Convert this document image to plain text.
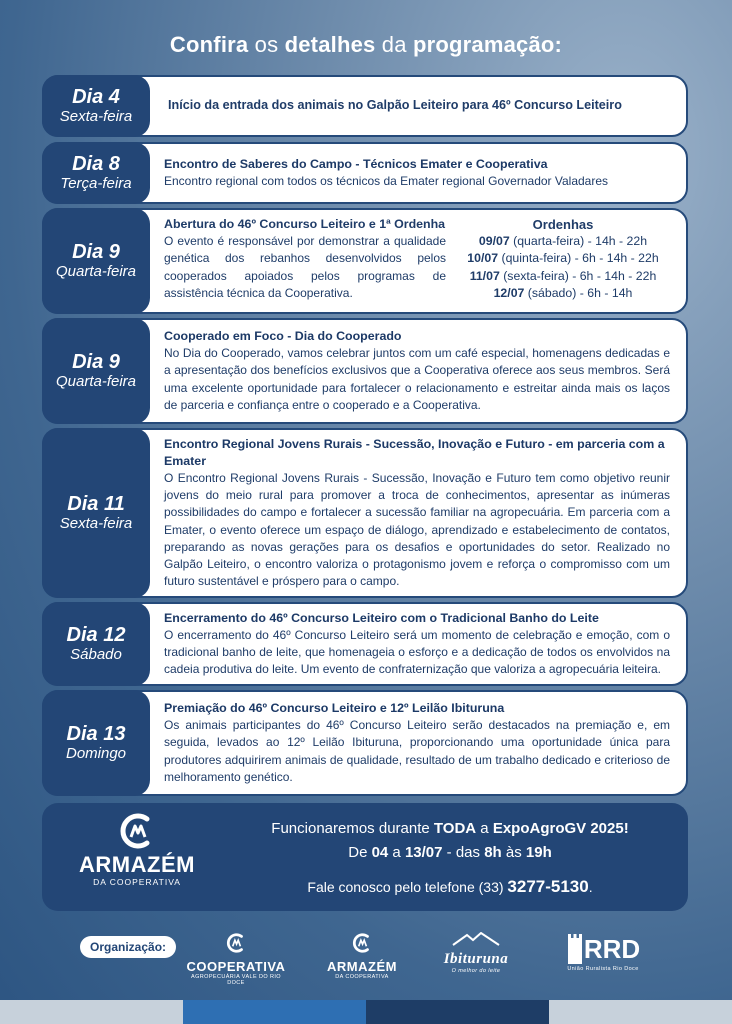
Confira os detalhes da programação:
Dia 4
Sexta-feira
Início da entrada dos animais no Galpão Leiteiro para 46º Concurso Leiteiro
Dia 8
Terça-feira
Encontro de Saberes do Campo - Técnicos Emater e Cooperativa
Encontro regional com todos os técnicos da Emater regional Governador Valadares
Dia 9
Quarta-feira
Abertura do 46º Concurso Leiteiro e 1ª Ordenha
O evento é responsável por demonstrar a qualidade genética dos rebanhos desenvolvidos pelos cooperados apoiados pelos programas de assistência técnica da Cooperativa.
Ordenhas
09/07 (quarta-feira) - 14h - 22h
10/07 (quinta-feira) - 6h - 14h - 22h
11/07 (sexta-feira) - 6h - 14h - 22h
12/07 (sábado) - 6h - 14h
Dia 9
Quarta-feira
Cooperado em Foco - Dia do Cooperado
No Dia do Cooperado, vamos celebrar juntos com um café especial, homenagens dedicadas e a apresentação dos benefícios exclusivos que a Cooperativa oferece aos seus membros. Será uma excelente oportunidade para fortalecer o relacionamento e estreitar ainda mais os laços de parceria e confiança entre o cooperado e a Cooperativa.
Dia 11
Sexta-feira
Encontro Regional Jovens Rurais - Sucessão, Inovação e Futuro - em parceria com a Emater
O Encontro Regional Jovens Rurais - Sucessão, Inovação e Futuro tem como objetivo reunir jovens do meio rural para promover a troca de conhecimentos, apresentar as inúmeras possibilidades do campo e fortalecer a sucessão familiar na agropecuária. Em parceria com a Emater, o evento oferece um espaço de diálogo, aprendizado e estabelecimento de contatos, preparando as novas gerações para os desafios e oportunidades do setor. Realizado no Galpão Leiteiro, o encontro valoriza o protagonismo jovem e reforça o compromisso com um futuro sustentável e próspero para o campo.
Dia 12
Sábado
Encerramento do 46º Concurso Leiteiro com o Tradicional Banho do Leite
O encerramento do 46º Concurso Leiteiro será um momento de celebração e emoção, com o tradicional banho de leite, que homenageia o esforço e a dedicação de todos os envolvidos na cadeia produtiva do leite. Um evento de confraternização que valoriza a agropecuária leiteira.
Dia 13
Domingo
Premiação do 46º Concurso Leiteiro e 12º Leilão Ibituruna
Os animais participantes do 46º Concurso Leiteiro serão destacados na premiação e, em seguida, levados ao 12º Leilão Ibituruna, proporcionando uma oportunidade única para produtores adquirirem animais de qualidade, resultado de um trabalho dedicado e criterioso de melhoramento genético.
ARMAZÉM
DA COOPERATIVA
Funcionaremos durante TODA a ExpoAgroGV 2025!
De 04 a 13/07 - das 8h às 19h
Fale conosco pelo telefone (33) 3277-5130.
Organização:
COOPERATIVA
AGROPECUÁRIA VALE DO RIO DOCE
ARMAZÉM
DA COOPERATIVA
Ibituruna
O melhor do leite
RRD
União Ruralista Rio Doce
